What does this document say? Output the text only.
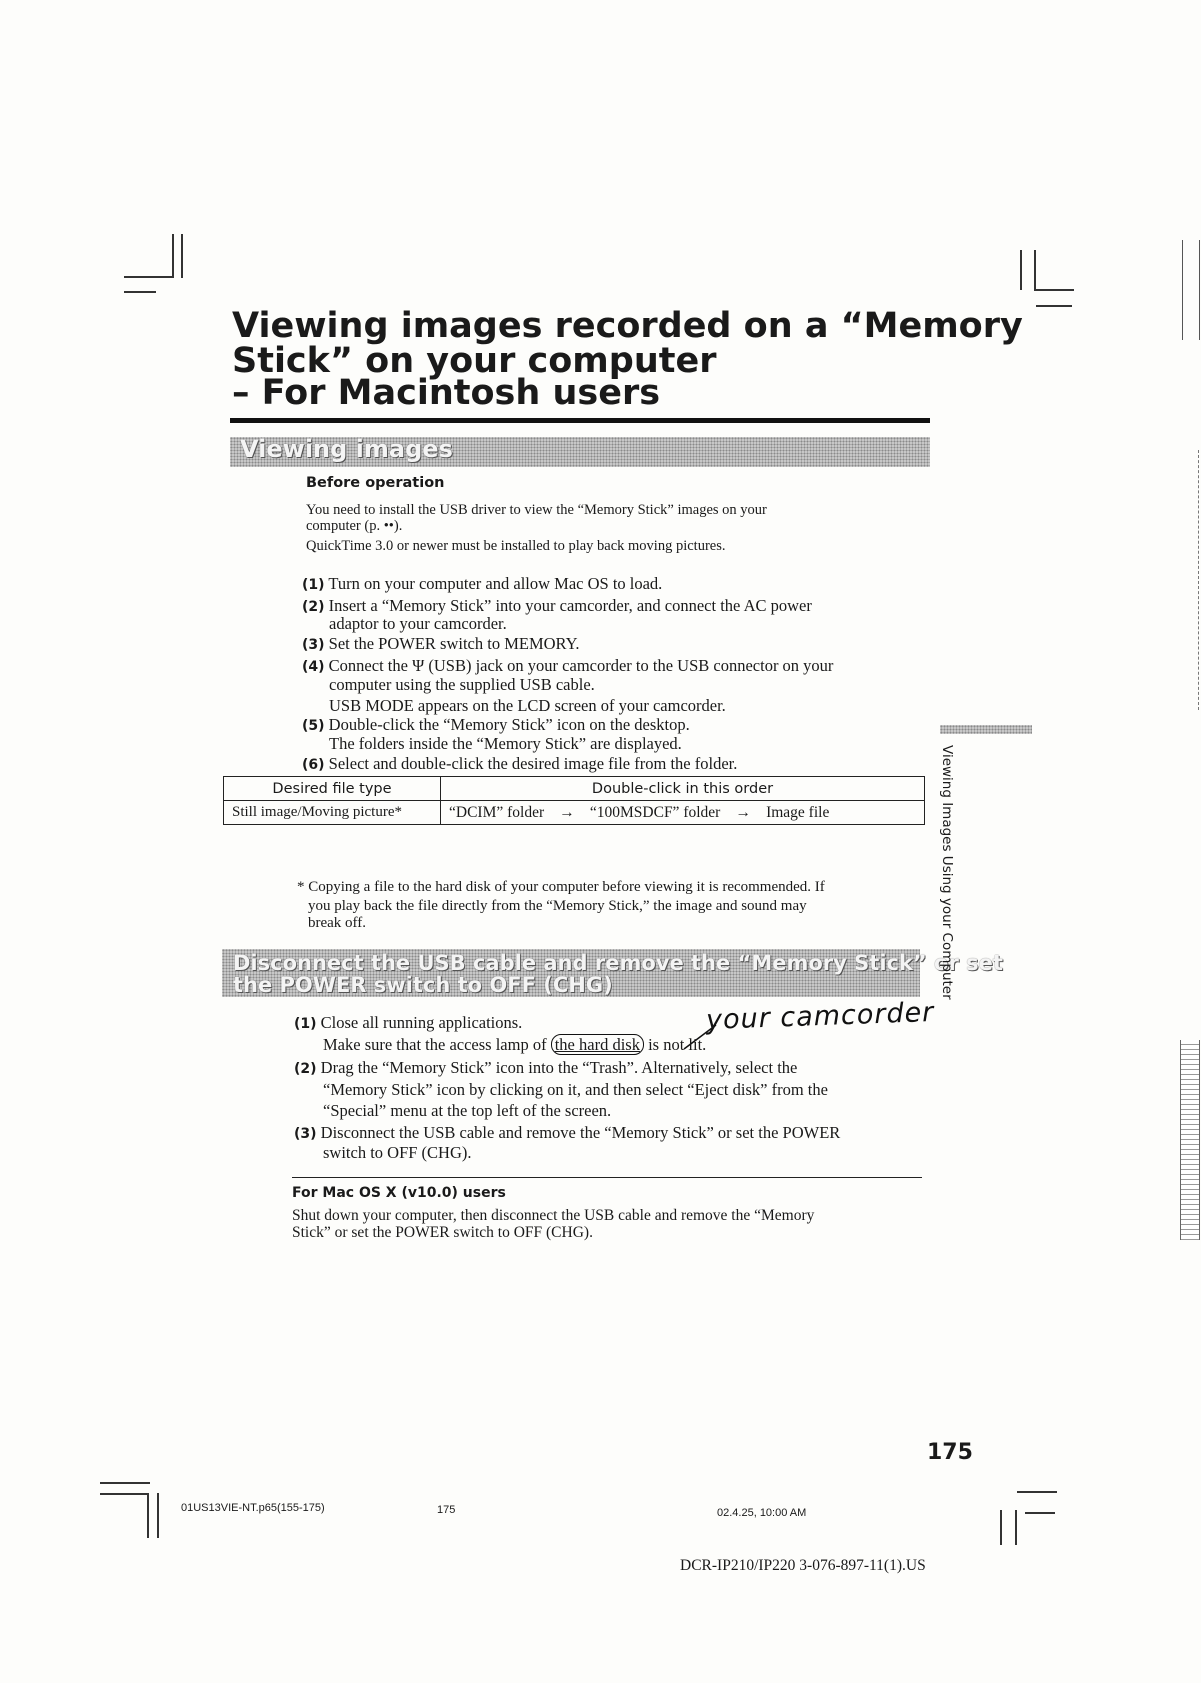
Viewing images recorded on a “Memory
Stick” on your computer
– For Macintosh users
Viewing images
Before operation
You need to install the USB driver to view the “Memory Stick” images on your
computer (p. ••).
QuickTime 3.0 or newer must be installed to play back moving pictures.
(1) Turn on your computer and allow Mac OS to load.
(2) Insert a “Memory Stick” into your camcorder, and connect the AC power
adaptor to your camcorder.
(3) Set the POWER switch to MEMORY.
(4) Connect the Ψ (USB) jack on your camcorder to the USB connector on your
computer using the supplied USB cable.
USB MODE appears on the LCD screen of your camcorder.
(5) Double-click the “Memory Stick” icon on the desktop.
The folders inside the “Memory Stick” are displayed.
(6) Select and double-click the desired image file from the folder.
Desired file type	Double-click in this order
Still image/Moving picture*	“DCIM” folder → “100MSDCF” folder → Image file
* Copying a file to the hard disk of your computer before viewing it is recommended. If
you play back the file directly from the “Memory Stick,” the image and sound may
break off.
Disconnect the USB cable and remove the “Memory Stick” or set
the POWER switch to OFF (CHG)
your camcorder
(1) Close all running applications.
Make sure that the access lamp of the hard disk is not lit.
(2) Drag the “Memory Stick” icon into the “Trash”. Alternatively, select the
“Memory Stick” icon by clicking on it, and then select “Eject disk” from the
“Special” menu at the top left of the screen.
(3) Disconnect the USB cable and remove the “Memory Stick” or set the POWER
switch to OFF (CHG).
For Mac OS X (v10.0) users
Shut down your computer, then disconnect the USB cable and remove the “Memory
Stick” or set the POWER switch to OFF (CHG).
Viewing Images Using your Computer
175
01US13VIE-NT.p65(155-175)	175	02.4.25, 10:00 AM
DCR-IP210/IP220 3-076-897-11(1).US
